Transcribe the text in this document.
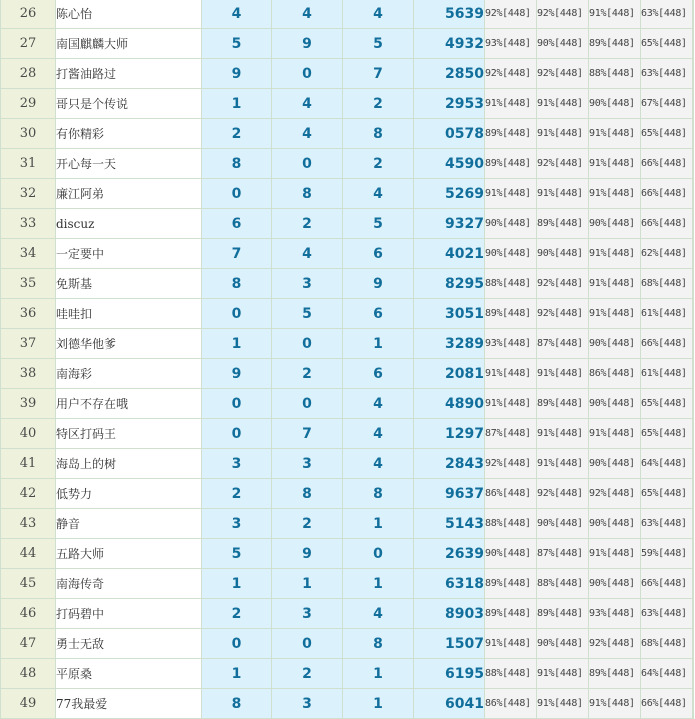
26	陈心怡	4	4	4	5639	92%[448]	92%[448]	91%[448]	63%[448]	
27	南国麒麟大师	5	9	5	4932	93%[448]	90%[448]	89%[448]	65%[448]	
28	打酱油路过	9	0	7	2850	92%[448]	92%[448]	88%[448]	63%[448]	
29	哥只是个传说	1	4	2	2953	91%[448]	91%[448]	90%[448]	67%[448]	
30	有你精彩	2	4	8	0578	89%[448]	91%[448]	91%[448]	65%[448]	
31	开心每一天	8	0	2	4590	89%[448]	92%[448]	91%[448]	66%[448]	
32	廉江阿弟	0	8	4	5269	91%[448]	91%[448]	91%[448]	66%[448]	
33	discuz	6	2	5	9327	90%[448]	89%[448]	90%[448]	66%[448]	
34	一定要中	7	4	6	4021	90%[448]	90%[448]	91%[448]	62%[448]	
35	免斯基	8	3	9	8295	88%[448]	92%[448]	91%[448]	68%[448]	
36	哇哇扣	0	5	6	3051	89%[448]	92%[448]	91%[448]	61%[448]	
37	刘德华他爹	1	0	1	3289	93%[448]	87%[448]	90%[448]	66%[448]	
38	南海彩	9	2	6	2081	91%[448]	91%[448]	86%[448]	61%[448]	
39	用户不存在哦	0	0	4	4890	91%[448]	89%[448]	90%[448]	65%[448]	
40	特区打码王	0	7	4	1297	87%[448]	91%[448]	91%[448]	65%[448]	
41	海岛上的树	3	3	4	2843	92%[448]	91%[448]	90%[448]	64%[448]	
42	低势力	2	8	8	9637	86%[448]	92%[448]	92%[448]	65%[448]	
43	静音	3	2	1	5143	88%[448]	90%[448]	90%[448]	63%[448]	
44	五路大师	5	9	0	2639	90%[448]	87%[448]	91%[448]	59%[448]	
45	南海传奇	1	1	1	6318	89%[448]	88%[448]	90%[448]	66%[448]	
46	打码碧中	2	3	4	8903	89%[448]	89%[448]	93%[448]	63%[448]	
47	勇士无敌	0	0	8	1507	91%[448]	90%[448]	92%[448]	68%[448]	
48	平原桑	1	2	1	6195	88%[448]	91%[448]	89%[448]	64%[448]	
49	77我最爱	8	3	1	6041	86%[448]	91%[448]	91%[448]	66%[448]	
